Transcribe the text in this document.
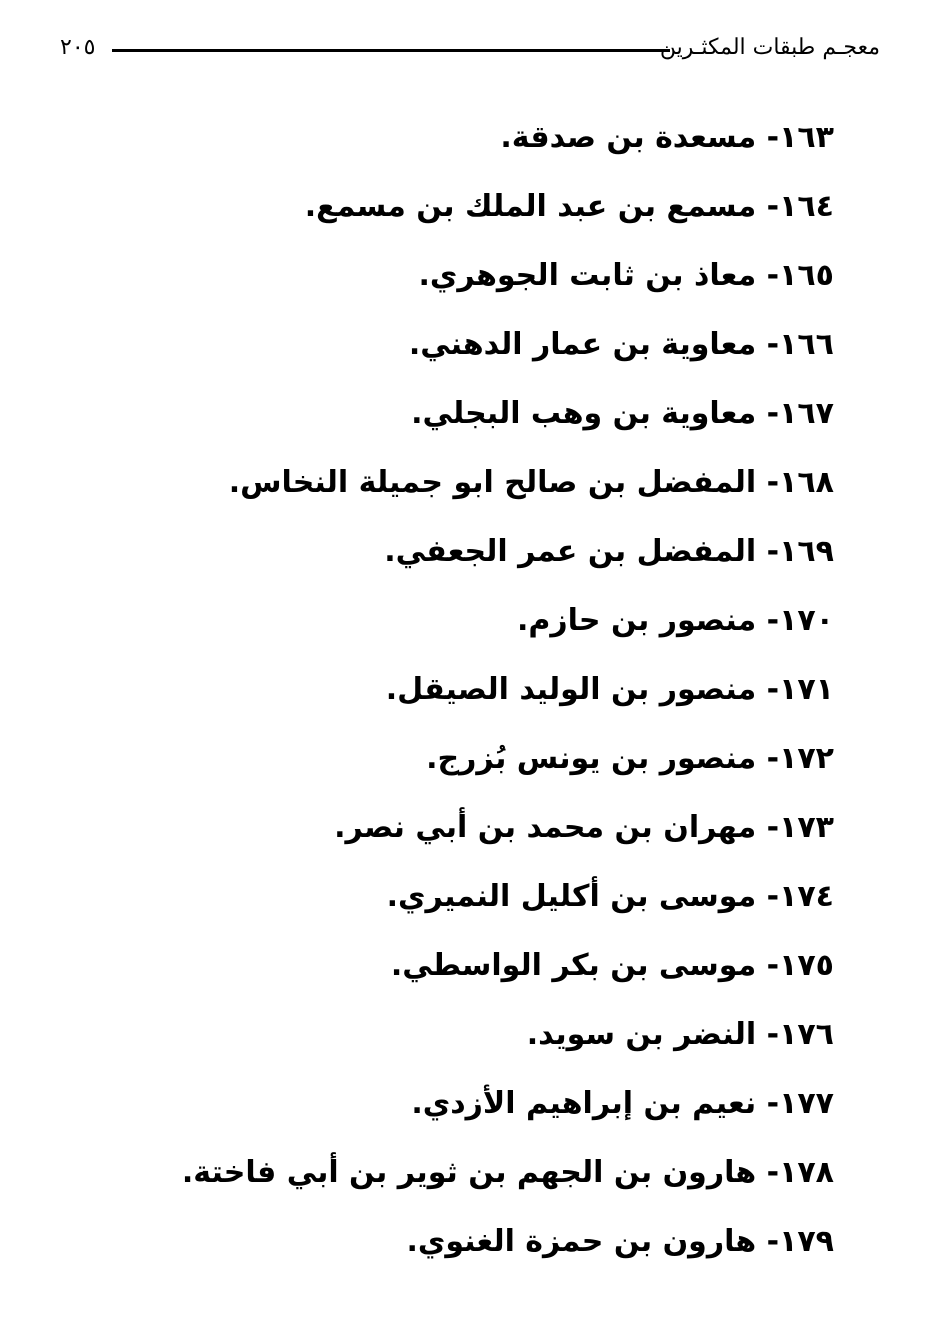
معجـم طبقات المكثـرين
٢٠٥
١٦٣- مسعدة بن صدقة.
١٦٤- مسمع بن عبد الملك بن مسمع.
١٦٥- معاذ بن ثابت الجوهري.
١٦٦- معاوية بن عمار الدهني.
١٦٧- معاوية بن وهب البجلي.
١٦٨- المفضل بن صالح ابو جميلة النخاس.
١٦٩- المفضل بن عمر الجعفي.
١٧٠- منصور بن حازم.
١٧١- منصور بن الوليد الصيقل.
١٧٢- منصور بن يونس بُزرج.
١٧٣- مهران بن محمد بن أبي نصر.
١٧٤- موسى بن أكليل النميري.
١٧٥- موسى بن بكر الواسطي.
١٧٦- النضر بن سويد.
١٧٧- نعيم بن إبراهيم الأزدي.
١٧٨- هارون بن الجهم بن ثوير بن أبي فاختة.
١٧٩- هارون بن حمزة الغنوي.
